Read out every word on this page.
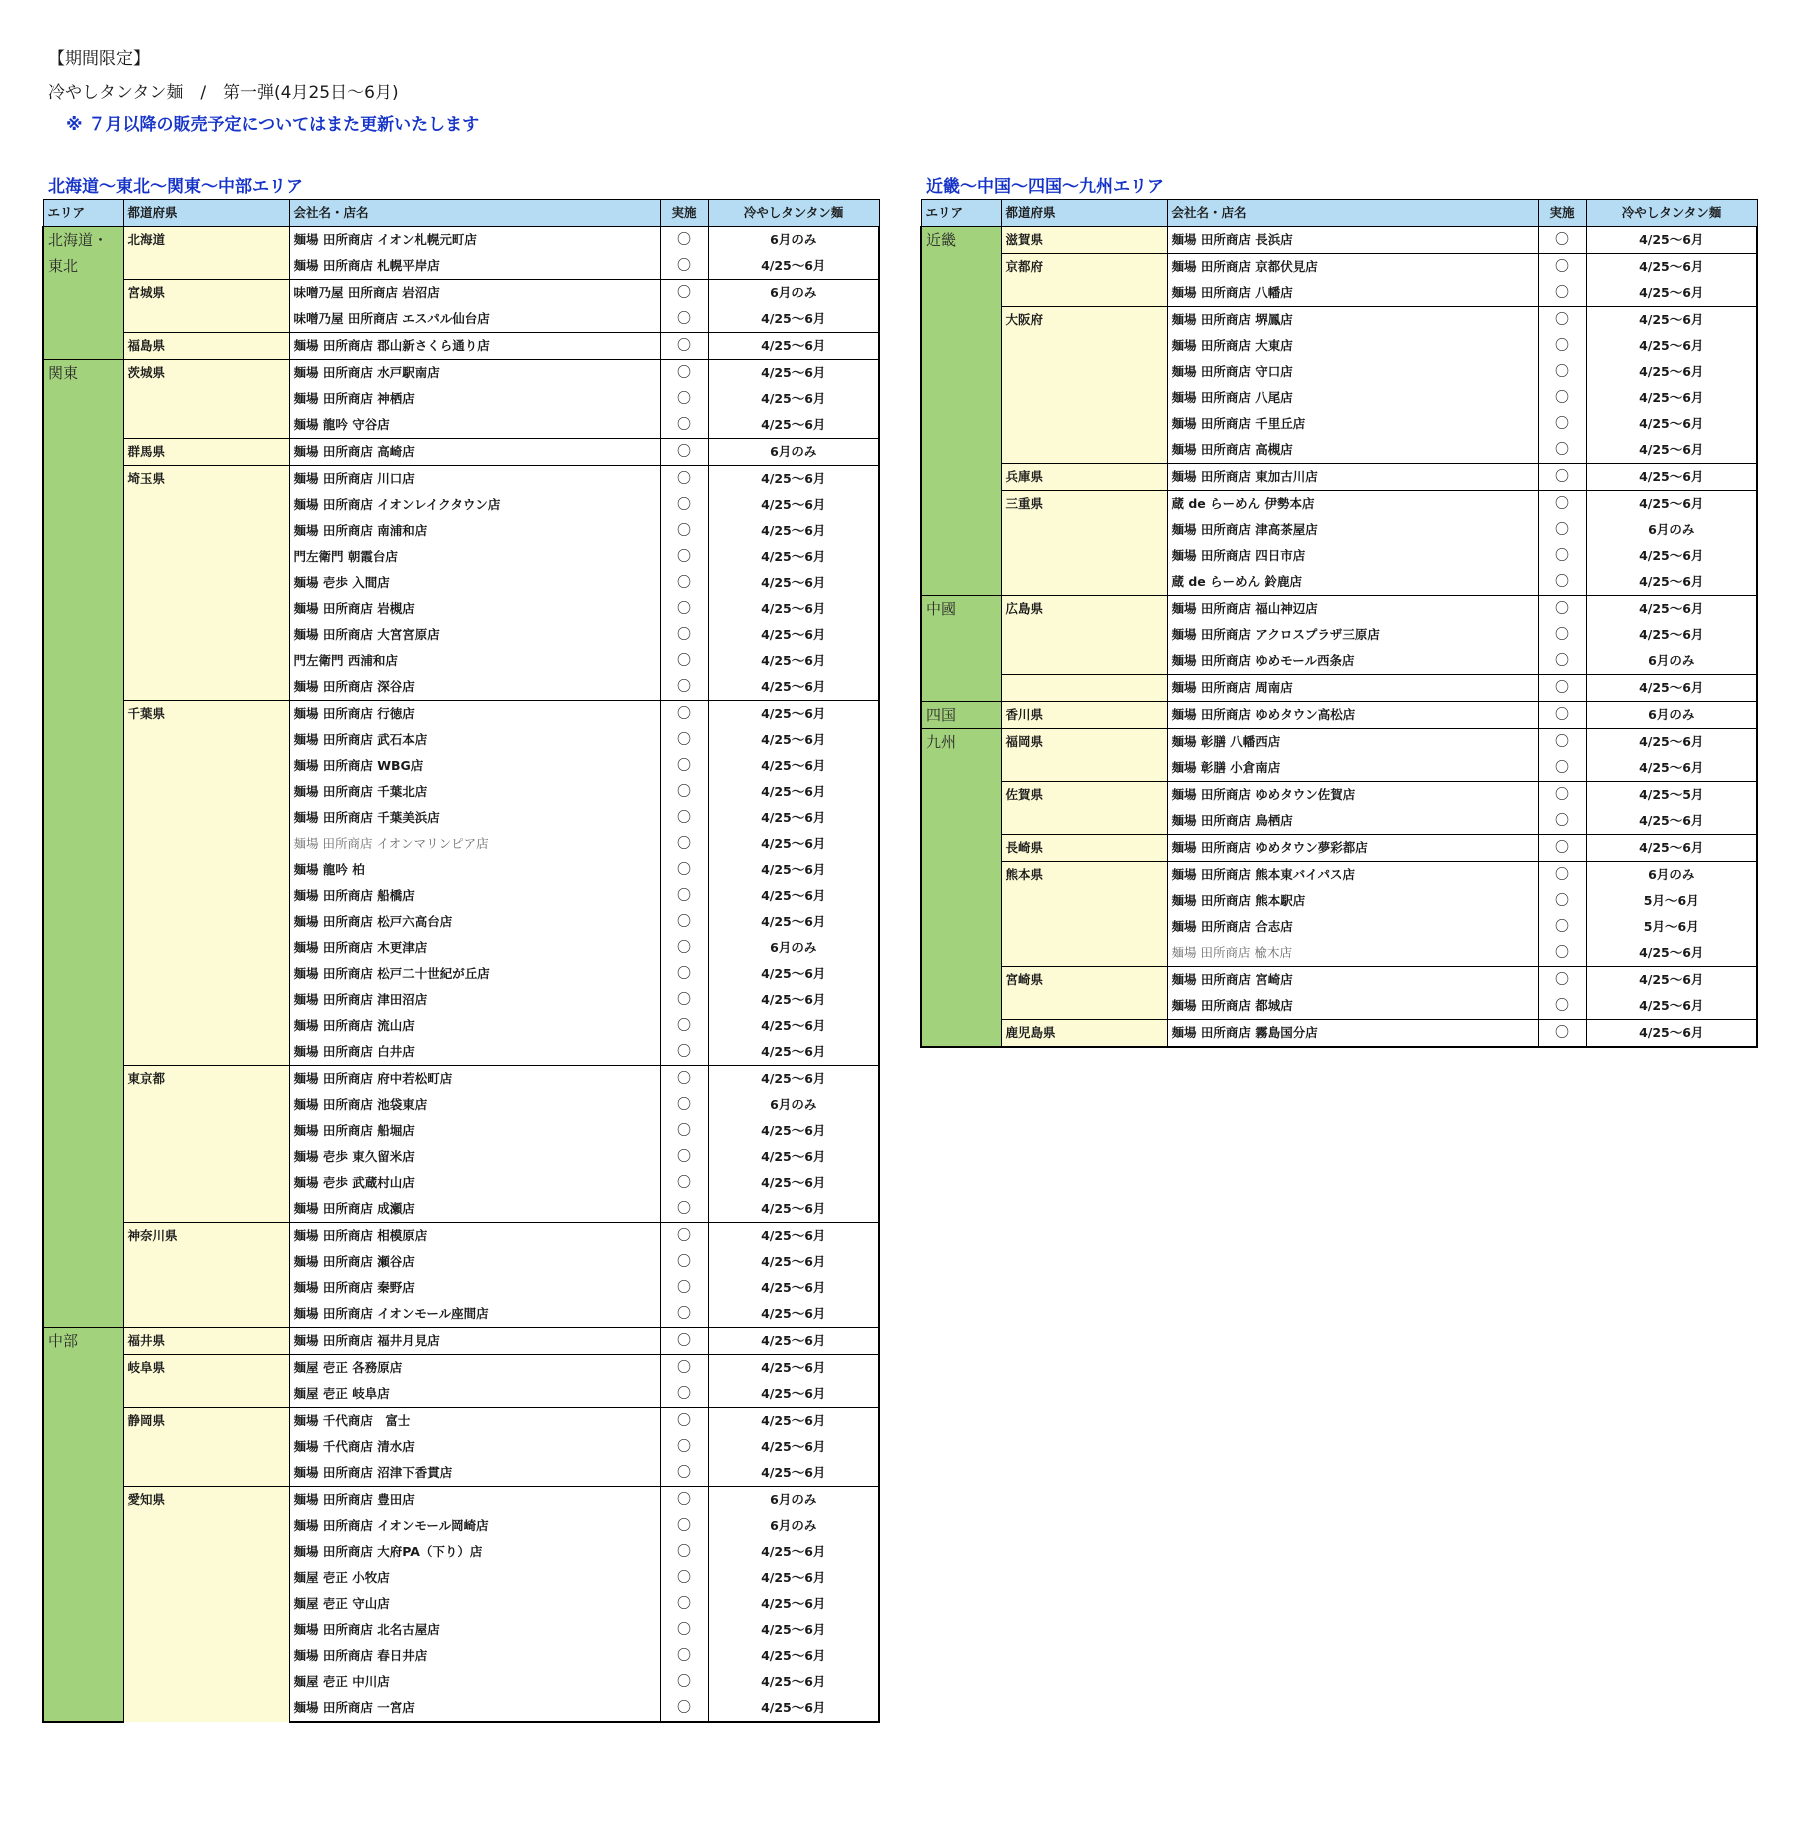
【期間限定】
冷やしタンタン麺　/　第一弾(4月25日～6月)
※ ７月以降の販売予定についてはまた更新いたします
北海道～東北～関東～中部エリア	近畿～中国～四国～九州エリア
エリア	都道府県	会社名・店名	実施	冷やしタンタン麺

北海道・東北	北海道	麺場 田所商店 イオン札幌元町店	〇	6月のみ
		麺場 田所商店 札幌平岸店	〇	4/25～6月
	宮城県	味噌乃屋 田所商店 岩沼店	〇	6月のみ
		味噌乃屋 田所商店 エスパル仙台店	〇	4/25～6月
	福島県	麺場 田所商店 郡山新さくら通り店	〇	4/25～6月

関東	茨城県	麺場 田所商店 水戸駅南店	〇	4/25～6月
		麺場 田所商店 神栖店	〇	4/25～6月
		麺場 龍吟 守谷店	〇	4/25～6月
	群馬県	麺場 田所商店 高崎店	〇	6月のみ
	埼玉県	麺場 田所商店 川口店	〇	4/25～6月
		麺場 田所商店 イオンレイクタウン店	〇	4/25～6月
		麺場 田所商店 南浦和店	〇	4/25～6月
		門左衛門 朝霞台店	〇	4/25～6月
		麺場 壱歩 入間店	〇	4/25～6月
		麺場 田所商店 岩槻店	〇	4/25～6月
		麺場 田所商店 大宮宮原店	〇	4/25～6月
		門左衛門 西浦和店	〇	4/25～6月
		麺場 田所商店 深谷店	〇	4/25～6月
	千葉県	麺場 田所商店 行徳店	〇	4/25～6月
		麺場 田所商店 武石本店	〇	4/25～6月
		麺場 田所商店 WBG店	〇	4/25～6月
		麺場 田所商店 千葉北店	〇	4/25～6月
		麺場 田所商店 千葉美浜店	〇	4/25～6月
		麺場 田所商店 イオンマリンピア店	〇	4/25～6月
		麺場 龍吟 柏	〇	4/25～6月
		麺場 田所商店 船橋店	〇	4/25～6月
		麺場 田所商店 松戸六高台店	〇	4/25～6月
		麺場 田所商店 木更津店	〇	6月のみ
		麺場 田所商店 松戸二十世紀が丘店	〇	4/25～6月
		麺場 田所商店 津田沼店	〇	4/25～6月
		麺場 田所商店 流山店	〇	4/25～6月
		麺場 田所商店 白井店	〇	4/25～6月
	東京都	麺場 田所商店 府中若松町店	〇	4/25～6月
		麺場 田所商店 池袋東店	〇	6月のみ
		麺場 田所商店 船堀店	〇	4/25～6月
		麺場 壱歩 東久留米店	〇	4/25～6月
		麺場 壱歩 武蔵村山店	〇	4/25～6月
		麺場 田所商店 成瀬店	〇	4/25～6月
	神奈川県	麺場 田所商店 相模原店	〇	4/25～6月
		麺場 田所商店 瀬谷店	〇	4/25～6月
		麺場 田所商店 秦野店	〇	4/25～6月
		麺場 田所商店 イオンモール座間店	〇	4/25～6月

中部	福井県	麺場 田所商店 福井月見店	〇	4/25～6月
	岐阜県	麺屋 壱正 各務原店	〇	4/25～6月
		麺屋 壱正 岐阜店	〇	4/25～6月
	静岡県	麺場 千代商店　富士	〇	4/25～6月
		麺場 千代商店 清水店	〇	4/25～6月
		麺場 田所商店 沼津下香貫店	〇	4/25～6月
	愛知県	麺場 田所商店 豊田店	〇	6月のみ
		麺場 田所商店 イオンモール岡崎店	〇	6月のみ
		麺場 田所商店 大府PA（下り）店	〇	4/25～6月
		麺屋 壱正 小牧店	〇	4/25～6月
		麺屋 壱正 守山店	〇	4/25～6月
		麺場 田所商店 北名古屋店	〇	4/25～6月
		麺場 田所商店 春日井店	〇	4/25～6月
		麺屋 壱正 中川店	〇	4/25～6月
		麺場 田所商店 一宮店	〇	4/25～6月
エリア	都道府県	会社名・店名	実施	冷やしタンタン麺

近畿	滋賀県	麺場 田所商店 長浜店	〇	4/25～6月
	京都府	麺場 田所商店 京都伏見店	〇	4/25～6月
		麺場 田所商店 八幡店	〇	4/25～6月
	大阪府	麺場 田所商店 堺鳳店	〇	4/25～6月
		麺場 田所商店 大東店	〇	4/25～6月
		麺場 田所商店 守口店	〇	4/25～6月
		麺場 田所商店 八尾店	〇	4/25～6月
		麺場 田所商店 千里丘店	〇	4/25～6月
		麺場 田所商店 高槻店	〇	4/25～6月
	兵庫県	麺場 田所商店 東加古川店	〇	4/25～6月
	三重県	蔵 de らーめん 伊勢本店	〇	4/25～6月
		麺場 田所商店 津高茶屋店	〇	6月のみ
		麺場 田所商店 四日市店	〇	4/25～6月
		蔵 de らーめん 鈴鹿店	〇	4/25～6月

中國	広島県	麺場 田所商店 福山神辺店	〇	4/25～6月
		麺場 田所商店 アクロスプラザ三原店	〇	4/25～6月
		麺場 田所商店 ゆめモール西条店	〇	6月のみ
		麺場 田所商店 周南店	〇	4/25～6月

四国	香川県	麺場 田所商店 ゆめタウン高松店	〇	6月のみ

九州	福岡県	麺場 彰膳 八幡西店	〇	4/25～6月
		麺場 彰膳 小倉南店	〇	4/25～6月
	佐賀県	麺場 田所商店 ゆめタウン佐賀店	〇	4/25～5月
		麺場 田所商店 鳥栖店	〇	4/25～6月
	長崎県	麺場 田所商店 ゆめタウン夢彩都店	〇	4/25～6月
	熊本県	麺場 田所商店 熊本東バイパス店	〇	6月のみ
		麺場 田所商店 熊本駅店	〇	5月～6月
		麺場 田所商店 合志店	〇	5月～6月
		麺場 田所商店 楡木店	〇	4/25～6月
	宮崎県	麺場 田所商店 宮崎店	〇	4/25～6月
		麺場 田所商店 都城店	〇	4/25～6月
	鹿児島県	麺場 田所商店 霧島国分店	〇	4/25～6月
